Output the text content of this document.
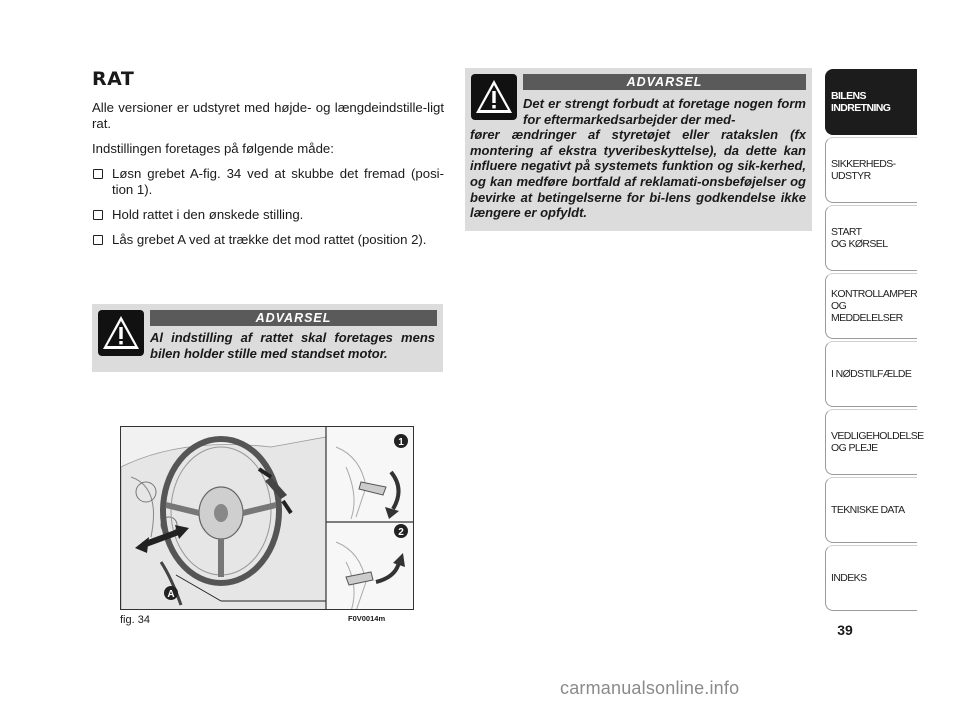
RAT

Alle versioner er udstyret med højde- og længdeindstille-ligt rat.

Indstillingen foretages på følgende måde:

Løsn grebet A-fig. 34 ved at skubbe det fremad (posi-tion 1).
Hold rattet i den ønskede stilling.
Lås grebet A ved at trække det mod rattet (position 2).
ADVARSEL
Al indstilling af rattet skal foretages mens bilen holder stille med standset motor.
ADVARSEL
Det er strengt forbudt at foretage nogen form for eftermarkedsarbejder der med-
fører ændringer af styretøjet eller ratakslen (fx montering af ekstra tyveribeskyttelse), da dette kan influere negativt på systemets funktion og sik-kerhed, og kan medføre bortfald af reklamati-onsbeføjelser og bevirke at betingelserne for bi-lens godkendelse ikke længere er opfyldt.
1
2
A
fig. 34	F0V0014m
39
BILENS
INDRETNING
SIKKERHEDS-
UDSTYR
START
OG KØRSEL
KONTROLLAMPER
OG MEDDELELSER
I NØDSTILFÆLDE
VEDLIGEHOLDELSE
OG PLEJE
TEKNISKE DATA
INDEKS
carmanualsonline.info
